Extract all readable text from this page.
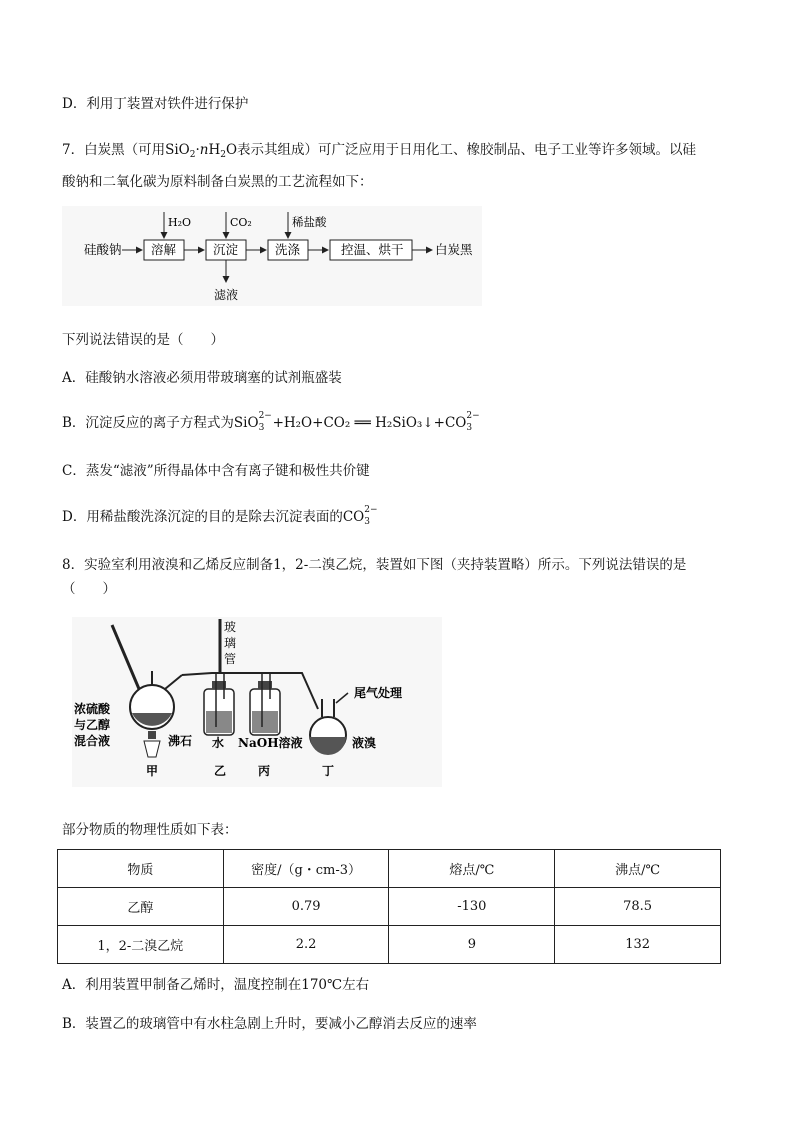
D．利用丁装置对铁件进行保护
7．白炭黑（可用$SiO_2\cdot nH_2O$表示其组成）可广泛应用于日用化工、橡胶制品、电子工业等许多领域。以硅
酸钠和二氧化碳为原料制备白炭黑的工艺流程如下：
硅酸钠 溶解	沉淀	洗涤	控温、烘干	白炭黑
H₂O	CO₂	稀盐酸
滤液
下列说法错误的是（　　）
A．硅酸钠水溶液必须用带玻璃塞的试剂瓶盛装
B．沉淀反应的离子方程式为SiO 2−
3 +H₂O+CO₂ ══ H₂SiO₃↓+CO 2−
3
C．蒸发“滤液”所得晶体中含有离子键和极性共价键
D．用稀盐酸洗涤沉淀的目的是除去沉淀表面的CO 2−
3
8．实验室利用液溴和乙烯反应制备1，2-二溴乙烷，装置如下图（夹持装置略）所示。下列说法错误的是
（　　）
玻
璃
管
浓硫酸
与乙醇
混合液	沸石 水 NaOH溶液
尾气处理
液溴
甲	乙	丙	丁
部分物质的物理性质如下表：
物质	密度/（g・cm-3）	熔点/℃	沸点/℃
乙醇	0.79	-130	78.5
1，2-二溴乙烷	2.2	9	132
A．利用装置甲制备乙烯时，温度控制在170℃左右
B．装置乙的玻璃管中有水柱急剧上升时，要减小乙醇消去反应的速率
